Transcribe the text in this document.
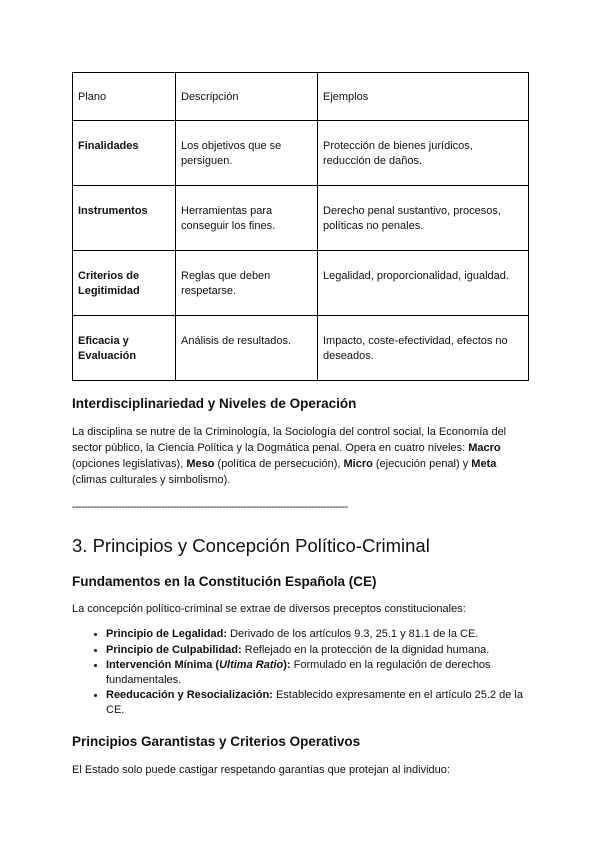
Plano	Descripción	Ejemplos
Finalidades	Los objetivos que se persiguen.	Protección de bienes jurídicos, reducción de daños.
Instrumentos	Herramientas para conseguir los fines.	Derecho penal sustantivo, procesos, políticas no penales.
Criterios de Legitimidad	Reglas que deben respetarse.	Legalidad, proporcionalidad, igualdad.
Eficacia y Evaluación	Análisis de resultados.	Impacto, coste-efectividad, efectos no deseados.
Interdisciplinariedad y Niveles de Operación

La disciplina se nutre de la Criminología, la Sociología del control social, la Economía del sector público, la Ciencia Política y la Dogmática penal. Opera en cuatro niveles: Macro (opciones legislativas), Meso (política de persecución), Micro (ejecución penal) y Meta (climas culturales y simbolismo).

------------------------------------------------------------------------------------------
3. Principios y Concepción Político-Criminal
Fundamentos en la Constitución Española (CE)

La concepción político-criminal se extrae de diversos preceptos constitucionales:

• Principio de Legalidad: Derivado de los artículos 9.3, 25.1 y 81.1 de la CE.
• Principio de Culpabilidad: Reflejado en la protección de la dignidad humana.
• Intervención Mínima (Ultima Ratio): Formulado en la regulación de derechos fundamentales.
• Reeducación y Resocialización: Establecido expresamente en el artículo 25.2 de la CE.
Principios Garantistas y Criterios Operativos

El Estado solo puede castigar respetando garantías que protejan al individuo:
